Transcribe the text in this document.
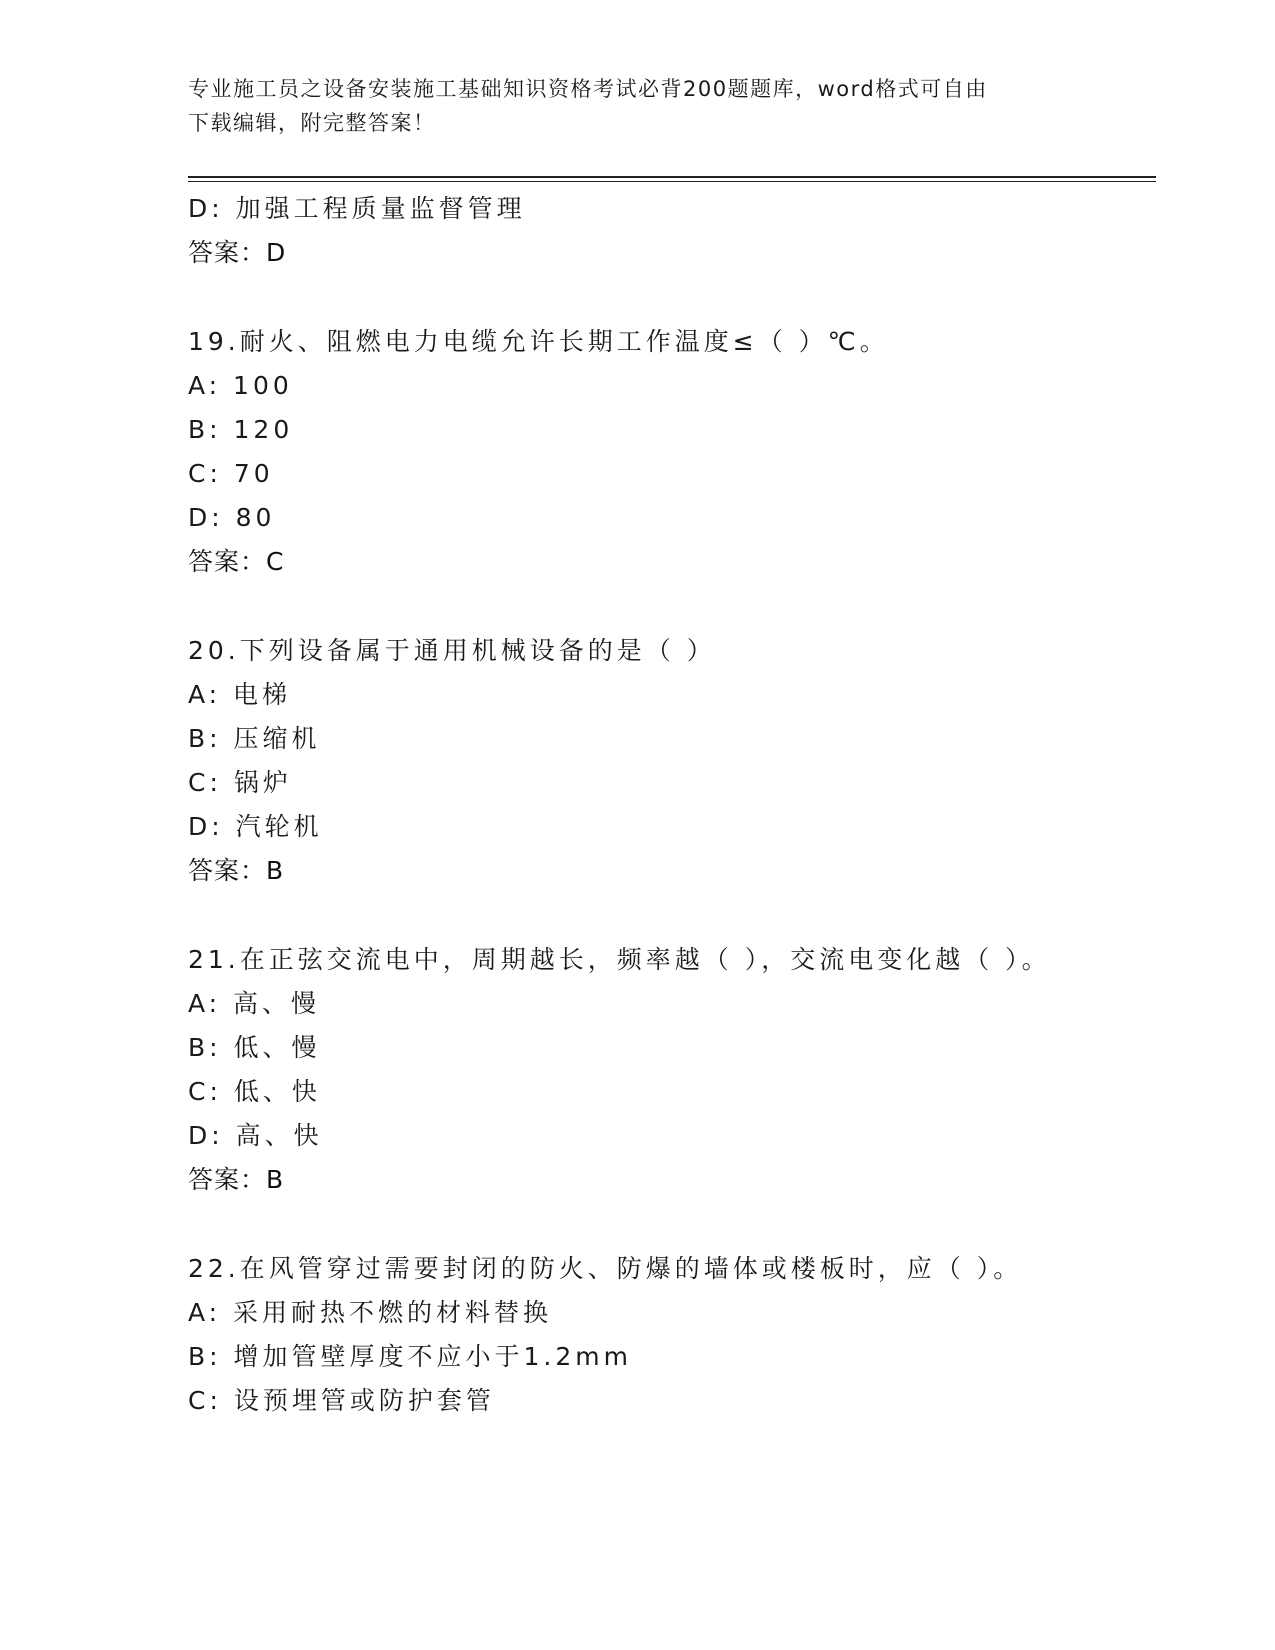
专业施工员之设备安装施工基础知识资格考试必背200题题库，word格式可自由
下载编辑，附完整答案！
D: 加强工程质量监督管理
答案：D
19.耐火、阻燃电力电缆允许长期工作温度≤（ ）℃。
A: 100
B: 120
C: 70
D: 80
答案：C
20.下列设备属于通用机械设备的是（ ）
A: 电梯
B: 压缩机
C: 锅炉
D: 汽轮机
答案：B
21.在正弦交流电中，周期越长，频率越（ ），交流电变化越（ ）。
A: 高、慢
B: 低、慢
C: 低、快
D: 高、快
答案：B
22.在风管穿过需要封闭的防火、防爆的墙体或楼板时，应（ ）。
A: 采用耐热不燃的材料替换
B: 增加管壁厚度不应小于1.2mm
C: 设预埋管或防护套管
